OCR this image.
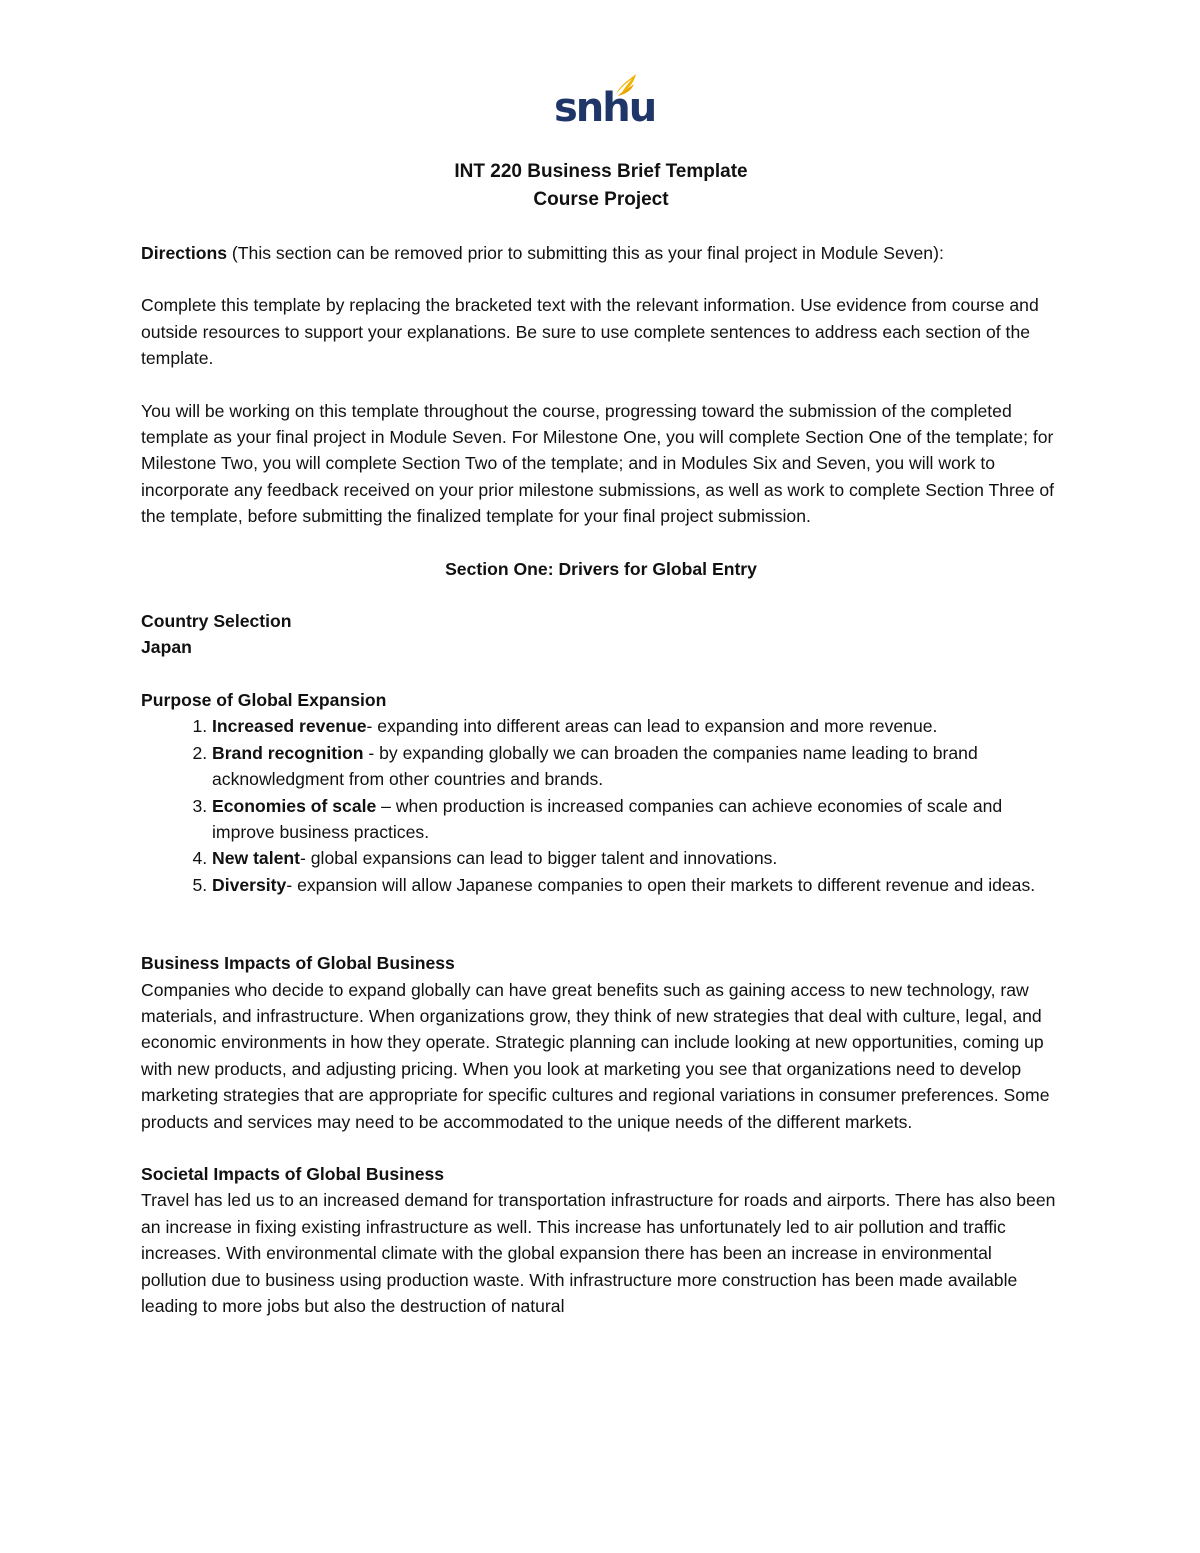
snhu

INT 220 Business Brief Template

Course Project

Directions (This section can be removed prior to submitting this as your final project in Module Seven):

Complete this template by replacing the bracketed text with the relevant information. Use evidence from course and outside resources to support your explanations. Be sure to use complete sentences to address each section of the template.

You will be working on this template throughout the course, progressing toward the submission of the completed template as your final project in Module Seven. For Milestone One, you will complete Section One of the template; for Milestone Two, you will complete Section Two of the template; and in Modules Six and Seven, you will work to incorporate any feedback received on your prior milestone submissions, as well as work to complete Section Three of the template, before submitting the finalized template for your final project submission.

Section One: Drivers for Global Entry

Country Selection

Japan

Purpose of Global Expansion

1. Increased revenue- expanding into different areas can lead to expansion and more revenue.
2. Brand recognition - by expanding globally we can broaden the companies name leading to brand acknowledgment from other countries and brands.
3. Economies of scale – when production is increased companies can achieve economies of scale and improve business practices.
4. New talent- global expansions can lead to bigger talent and innovations.
5. Diversity- expansion will allow Japanese companies to open their markets to different revenue and ideas.

Business Impacts of Global Business

Companies who decide to expand globally can have great benefits such as gaining access to new technology, raw materials, and infrastructure. When organizations grow, they think of new strategies that deal with culture, legal, and economic environments in how they operate. Strategic planning can include looking at new opportunities, coming up with new products, and adjusting pricing. When you look at marketing you see that organizations need to develop marketing strategies that are appropriate for specific cultures and regional variations in consumer preferences. Some products and services may need to be accommodated to the unique needs of the different markets.

Societal Impacts of Global Business

Travel has led us to an increased demand for transportation infrastructure for roads and airports. There has also been an increase in fixing existing infrastructure as well. This increase has unfortunately led to air pollution and traffic increases. With environmental climate with the global expansion there has been an increase in environmental pollution due to business using production waste. With infrastructure more construction has been made available leading to more jobs but also the destruction of natural
